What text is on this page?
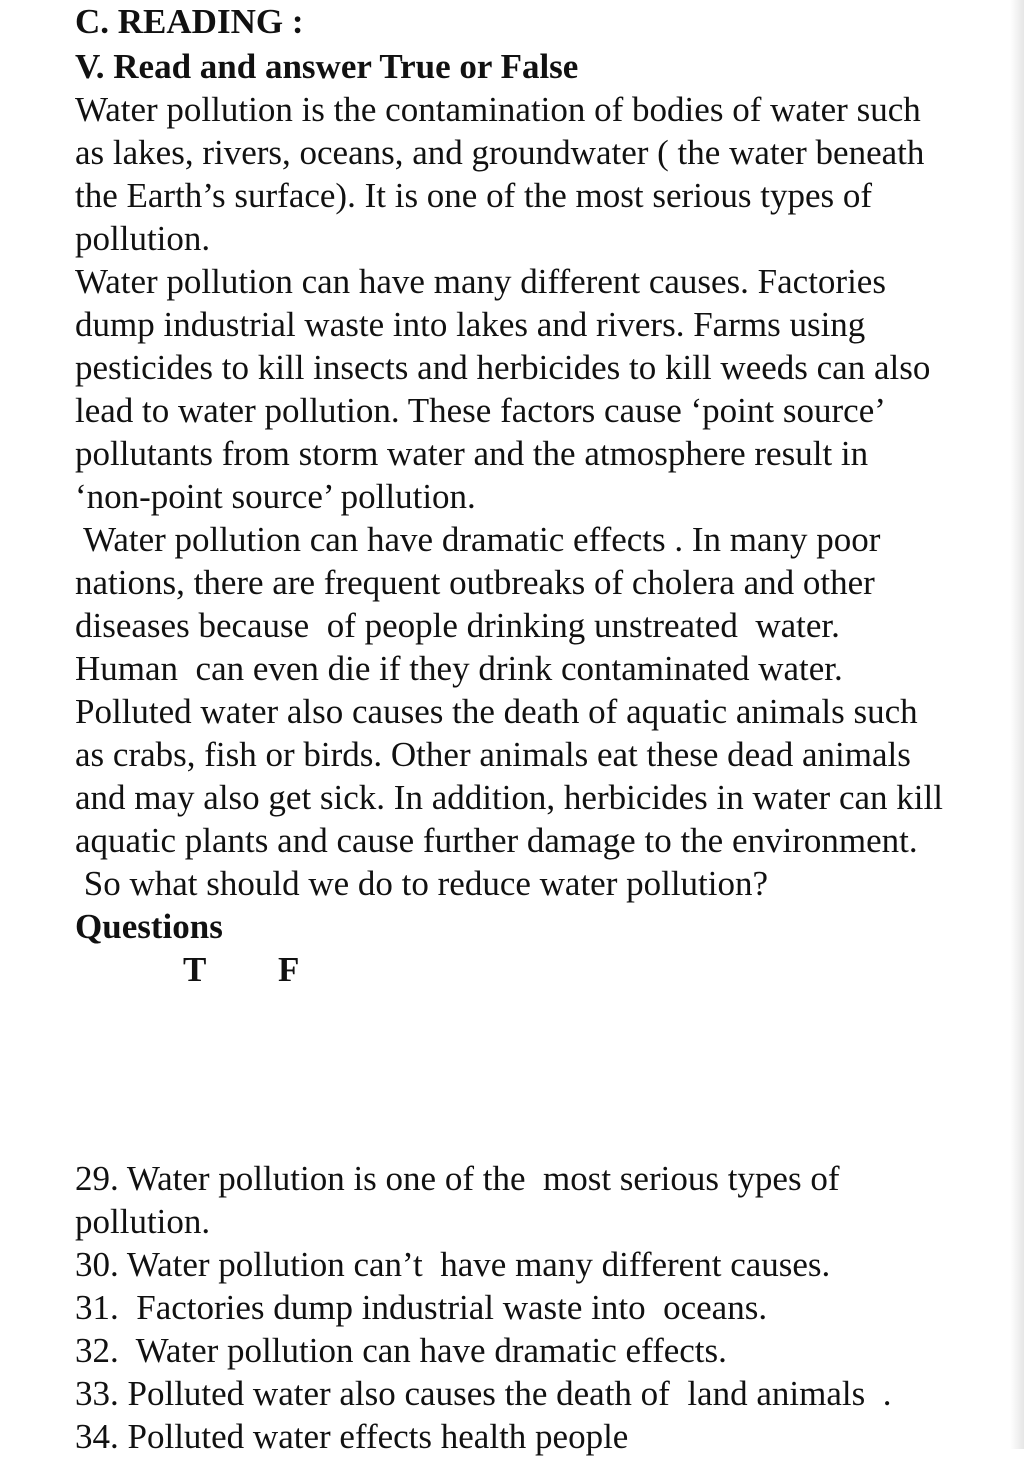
C. READING :
V. Read and answer True or False
Water pollution is the contamination of bodies of water such
as lakes, rivers, oceans, and groundwater ( the water beneath
the Earth’s surface). It is one of the most serious types of
pollution.
Water pollution can have many different causes. Factories
dump industrial waste into lakes and rivers. Farms using
pesticides to kill insects and herbicides to kill weeds can also
lead to water pollution. These factors cause ‘point source’
pollutants from storm water and the atmosphere result in
‘non-point source’ pollution.
Water pollution can have dramatic effects . In many poor
nations, there are frequent outbreaks of cholera and other
diseases because  of people drinking unstreated  water.
Human  can even die if they drink contaminated water.
Polluted water also causes the death of aquatic animals such
as crabs, fish or birds. Other animals eat these dead animals
and may also get sick. In addition, herbicides in water can kill
aquatic plants and cause further damage to the environment.
So what should we do to reduce water pollution?
Questions
T F
29. Water pollution is one of the  most serious types of
pollution.
30. Water pollution can’t  have many different causes.
31.  Factories dump industrial waste into  oceans.
32.  Water pollution can have dramatic effects.
33. Polluted water also causes the death of  land animals  .
34. Polluted water effects health people
